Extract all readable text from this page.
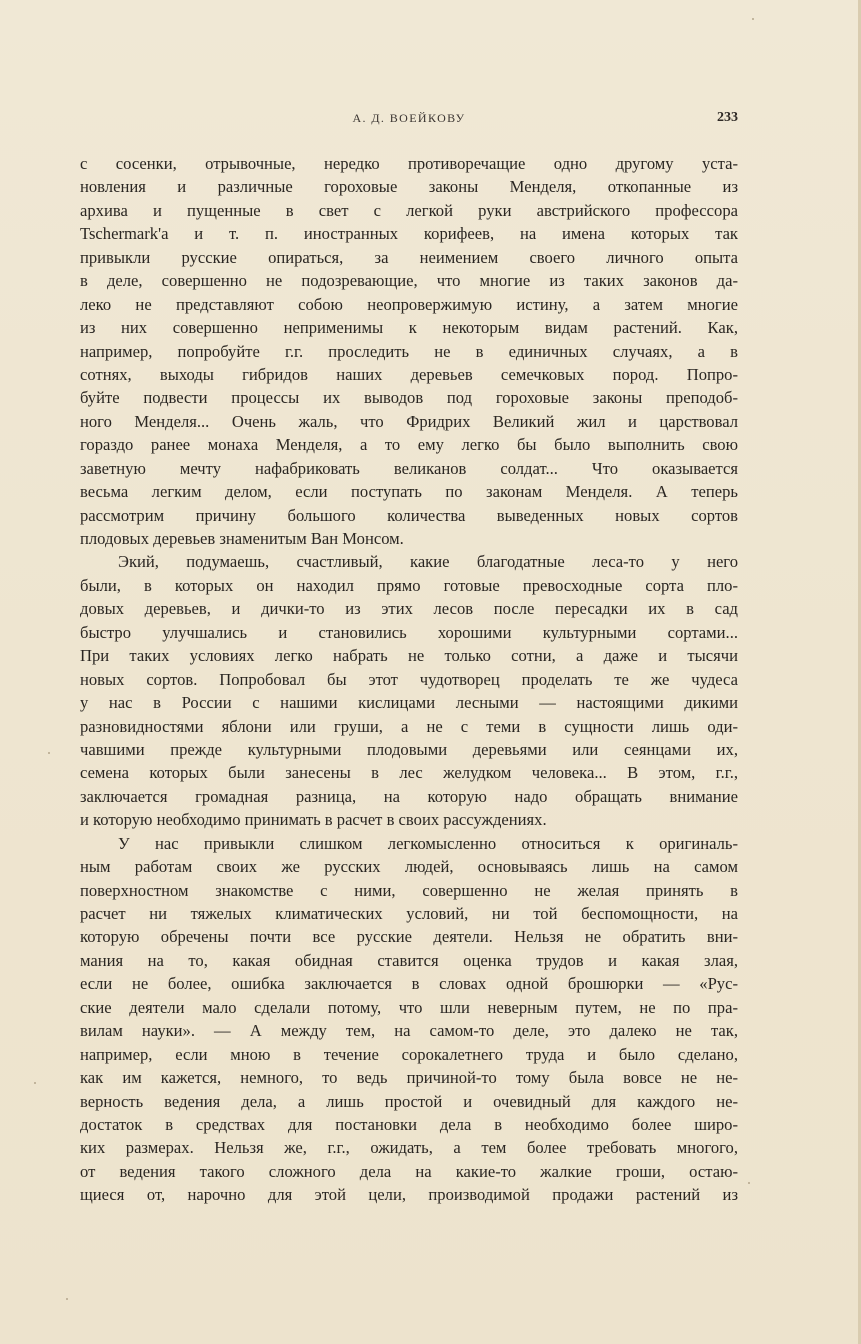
А. Д. ВОЕЙКОВУ	233
с сосенки, отрывочные, нередко противоречащие одно другому уста-
новления и различные гороховые законы Менделя, откопанные из
архива и пущенные в свет с легкой руки австрийского профессора
Tschermark'а и т. п. иностранных корифеев, на имена которых так
привыкли русские опираться, за неимением своего личного опыта
в деле, совершенно не подозревающие, что многие из таких законов да-
леко не представляют собою неопровержимую истину, а затем многие
из них совершенно неприменимы к некоторым видам растений. Как,
например, попробуйте г.г. проследить не в единичных случаях, а в
сотнях, выходы гибридов наших деревьев семечковых пород. Попро-
буйте подвести процессы их выводов под гороховые законы преподоб-
ного Менделя... Очень жаль, что Фридрих Великий жил и царствовал
гораздо ранее монаха Менделя, а то ему легко бы было выполнить свою
заветную мечту нафабриковать великанов солдат... Что оказывается
весьма легким делом, если поступать по законам Менделя. А теперь
рассмотрим причину большого количества выведенных новых сортов
плодовых деревьев знаменитым Ван Монсом.
Экий, подумаешь, счастливый, какие благодатные леса-то у него
были, в которых он находил прямо готовые превосходные сорта пло-
довых деревьев, и дички-то из этих лесов после пересадки их в сад
быстро улучшались и становились хорошими культурными сортами...
При таких условиях легко набрать не только сотни, а даже и тысячи
новых сортов. Попробовал бы этот чудотворец проделать те же чудеса
у нас в России с нашими кислицами лесными — настоящими дикими
разновидностями яблони или груши, а не с теми в сущности лишь оди-
чавшими прежде культурными плодовыми деревьями или сеянцами их,
семена которых были занесены в лес желудком человека... В этом, г.г.,
заключается громадная разница, на которую надо обращать внимание
и которую необходимо принимать в расчет в своих рассуждениях.
У нас привыкли слишком легкомысленно относиться к оригиналь-
ным работам своих же русских людей, основываясь лишь на самом
поверхностном знакомстве с ними, совершенно не желая принять в
расчет ни тяжелых климатических условий, ни той беспомощности, на
которую обречены почти все русские деятели. Нельзя не обратить вни-
мания на то, какая обидная ставится оценка трудов и какая злая,
если не более, ошибка заключается в словах одной брошюрки — «Рус-
ские деятели мало сделали потому, что шли неверным путем, не по пра-
вилам науки». — А между тем, на самом-то деле, это далеко не так,
например, если мною в течение сорокалетнего труда и было сделано,
как им кажется, немного, то ведь причиной-то тому была вовсе не не-
верность ведения дела, а лишь простой и очевидный для каждого не-
достаток в средствах для постановки дела в необходимо более широ-
ких размерах. Нельзя же, г.г., ожидать, а тем более требовать многого,
от ведения такого сложного дела на какие-то жалкие гроши, остаю-
щиеся от, нарочно для этой цели, производимой продажи растений из
